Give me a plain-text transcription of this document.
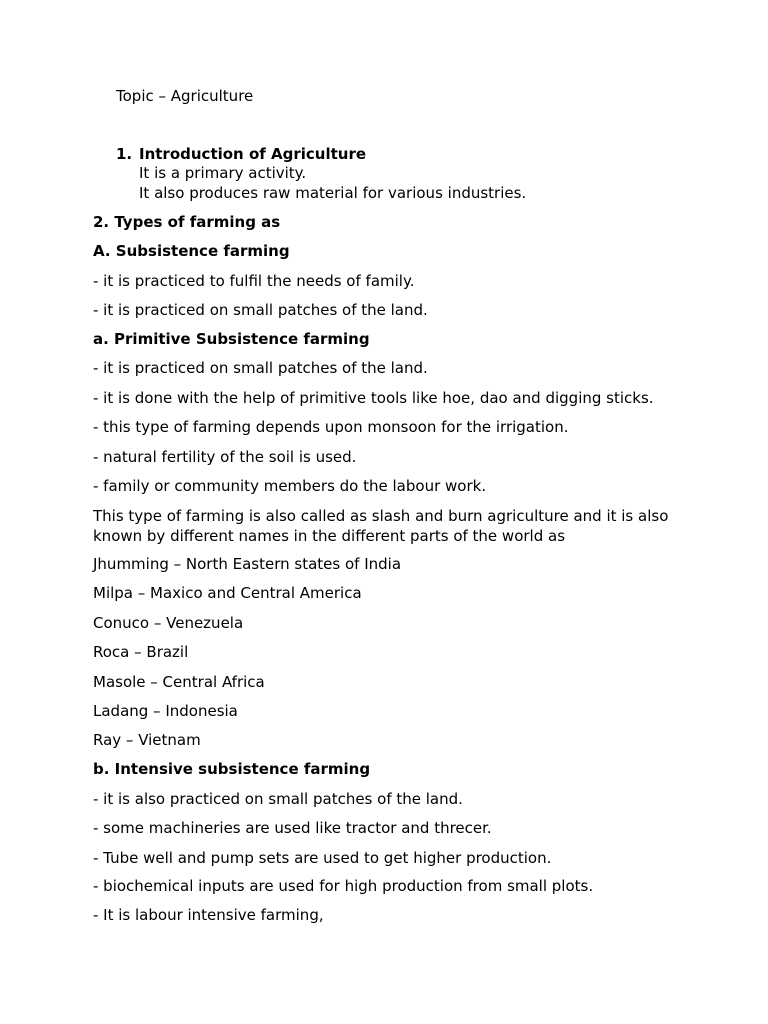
Topic – Agriculture

1. Introduction of Agriculture

It is a primary activity.

It also produces raw material for various industries.

2. Types of farming as

A. Subsistence farming

- it is practiced to fulfil the needs of family.

- it is practiced on small patches of the land.

a. Primitive Subsistence farming

- it is practiced on small patches of the land.

- it is done with the help of primitive tools like hoe, dao and digging sticks.

- this type of farming depends upon monsoon for the irrigation.

- natural fertility of the soil is used.

- family or community members do the labour work.

This type of farming is also called as slash and burn agriculture and it is also known by different names in the different parts of the world as

Jhumming – North Eastern states of India

Milpa – Maxico and Central America

Conuco – Venezuela

Roca – Brazil

Masole – Central Africa

Ladang – Indonesia

Ray – Vietnam

b. Intensive subsistence farming

- it is also practiced on small patches of the land.

- some machineries are used like tractor and threcer.

- Tube well and pump sets are used to get higher production.

- biochemical inputs are used for high production from small plots.

- It is labour intensive farming,
